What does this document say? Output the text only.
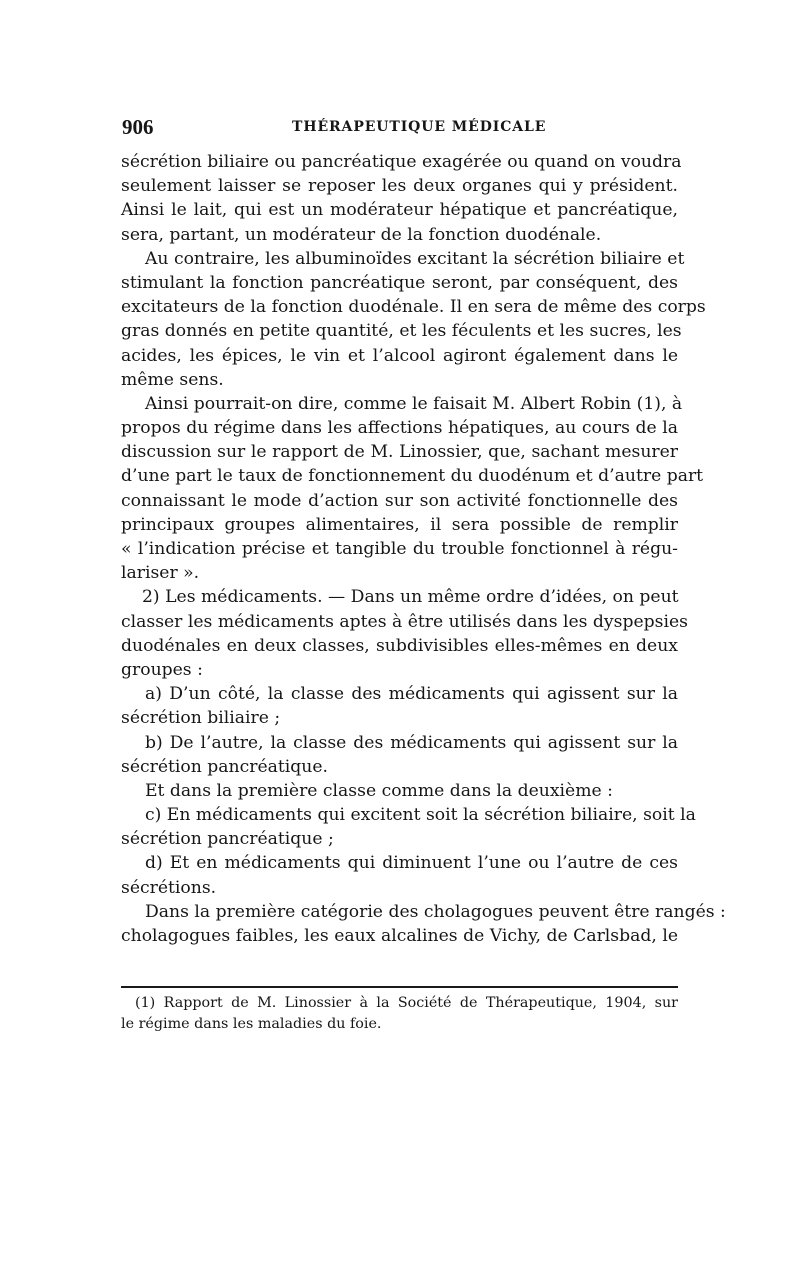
906	THÉRAPEUTIQUE MÉDICALE
sécrétion biliaire ou pancréatique exagérée ou quand on voudra
seulement laisser se reposer les deux organes qui y président.
Ainsi le lait, qui est un modérateur hépatique et pancréatique,
sera, partant, un modérateur de la fonction duodénale.
Au contraire, les albuminoïdes excitant la sécrétion biliaire et
stimulant la fonction pancréatique seront, par conséquent, des
excitateurs de la fonction duodénale. Il en sera de même des corps
gras donnés en petite quantité, et les féculents et les sucres, les
acides, les épices, le vin et l’alcool agiront également dans le
même sens.
Ainsi pourrait-on dire, comme le faisait M. Albert Robin (1), à
propos du régime dans les affections hépatiques, au cours de la
discussion sur le rapport de M. Linossier, que, sachant mesurer
d’une part le taux de fonctionnement du duodénum et d’autre part
connaissant le mode d’action sur son activité fonctionnelle des
principaux groupes alimentaires, il sera possible de remplir
« l’indication précise et tangible du trouble fonctionnel à régu-
lariser ».
2) Les médicaments. — Dans un même ordre d’idées, on peut
classer les médicaments aptes à être utilisés dans les dyspepsies
duodénales en deux classes, subdivisibles elles-mêmes en deux
groupes :
a) D’un côté, la classe des médicaments qui agissent sur la
sécrétion biliaire ;
b) De l’autre, la classe des médicaments qui agissent sur la
sécrétion pancréatique.
Et dans la première classe comme dans la deuxième :
c) En médicaments qui excitent soit la sécrétion biliaire, soit la
sécrétion pancréatique ;
d) Et en médicaments qui diminuent l’une ou l’autre de ces
sécrétions.
Dans la première catégorie des cholagogues peuvent être rangés :
cholagogues faibles, les eaux alcalines de Vichy, de Carlsbad, le
(1) Rapport de M. Linossier à la Société de Thérapeutique, 1904, sur
le régime dans les maladies du foie.
